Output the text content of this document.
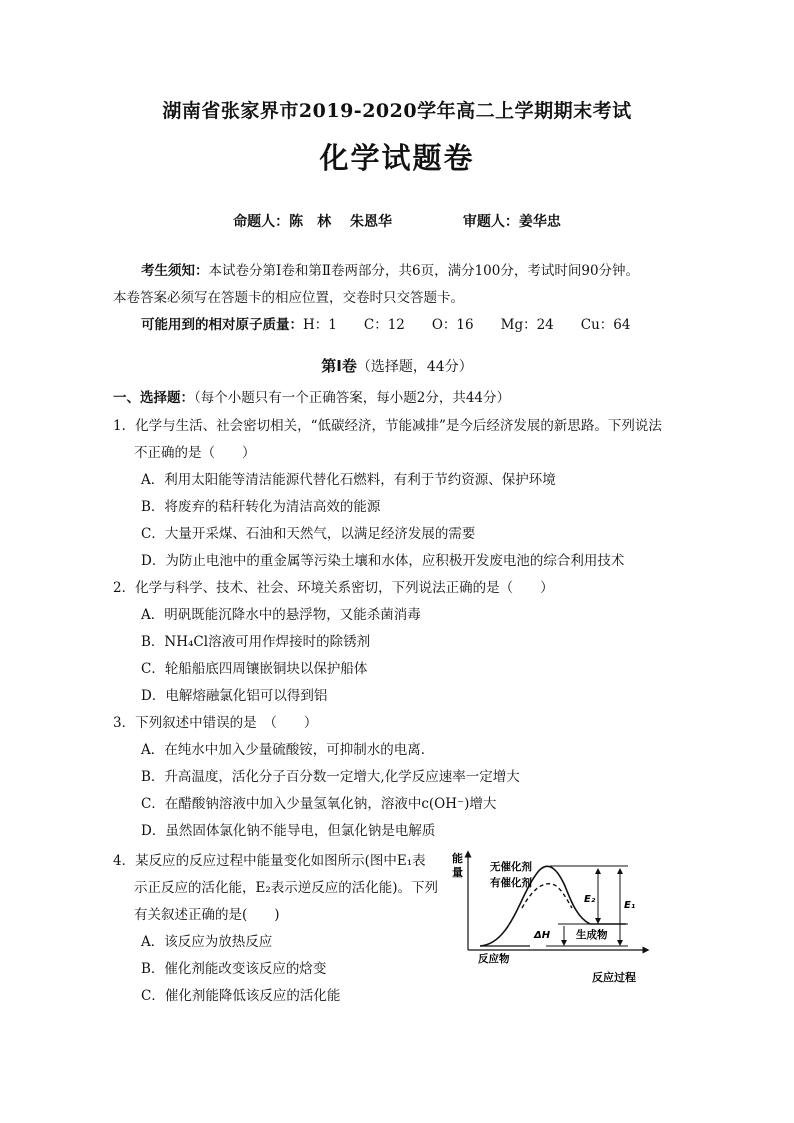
湖南省张家界市2019-2020学年高二上学期期末考试
化学试题卷
命题人：陈　林　 朱恩华	审题人：姜华忠
考生须知：本试卷分第Ⅰ卷和第Ⅱ卷两部分，共6页，满分100分，考试时间90分钟。
本卷答案必须写在答题卡的相应位置，交卷时只交答题卡。
可能用到的相对原子质量：H：1　　C：12　　O：16　　Mg：24　　Cu：64
第Ⅰ卷（选择题，44分）
一、选择题：（每个小题只有一个正确答案，每小题2分，共44分）
1．化学与生活、社会密切相关，“低碳经济，节能减排”是今后经济发展的新思路。下列说法
不正确的是（　　）
A．利用太阳能等清洁能源代替化石燃料，有利于节约资源、保护环境
B．将废弃的秸秆转化为清洁高效的能源
C．大量开采煤、石油和天然气，以满足经济发展的需要
D．为防止电池中的重金属等污染土壤和水体，应积极开发废电池的综合利用技术
2．化学与科学、技术、社会、环境关系密切，下列说法正确的是（　　）
A．明矾既能沉降水中的悬浮物，又能杀菌消毒
B．NH₄Cl溶液可用作焊接时的除锈剂
C．轮船船底四周镶嵌铜块以保护船体
D．电解熔融氯化铝可以得到铝
3．下列叙述中错误的是　（　　）
A．在纯水中加入少量硫酸铵，可抑制水的电离．
B．升高温度，活化分子百分数一定增大,化学反应速率一定增大
C．在醋酸钠溶液中加入少量氢氧化钠，溶液中c(OH⁻)增大
D．虽然固体氯化钠不能导电，但氯化钠是电解质
4．某反应的反应过程中能量变化如图所示(图中E₁表
示正反应的活化能，E₂表示逆反应的活化能)。下列
有关叙述正确的是(　　)
A．该反应为放热反应
B．催化剂能改变该反应的焓变
C．催化剂能降低该反应的活化能
能
量
反应过程
E₂
E₁
ΔH
无催化剂
有催化剂
生成物
反应物
